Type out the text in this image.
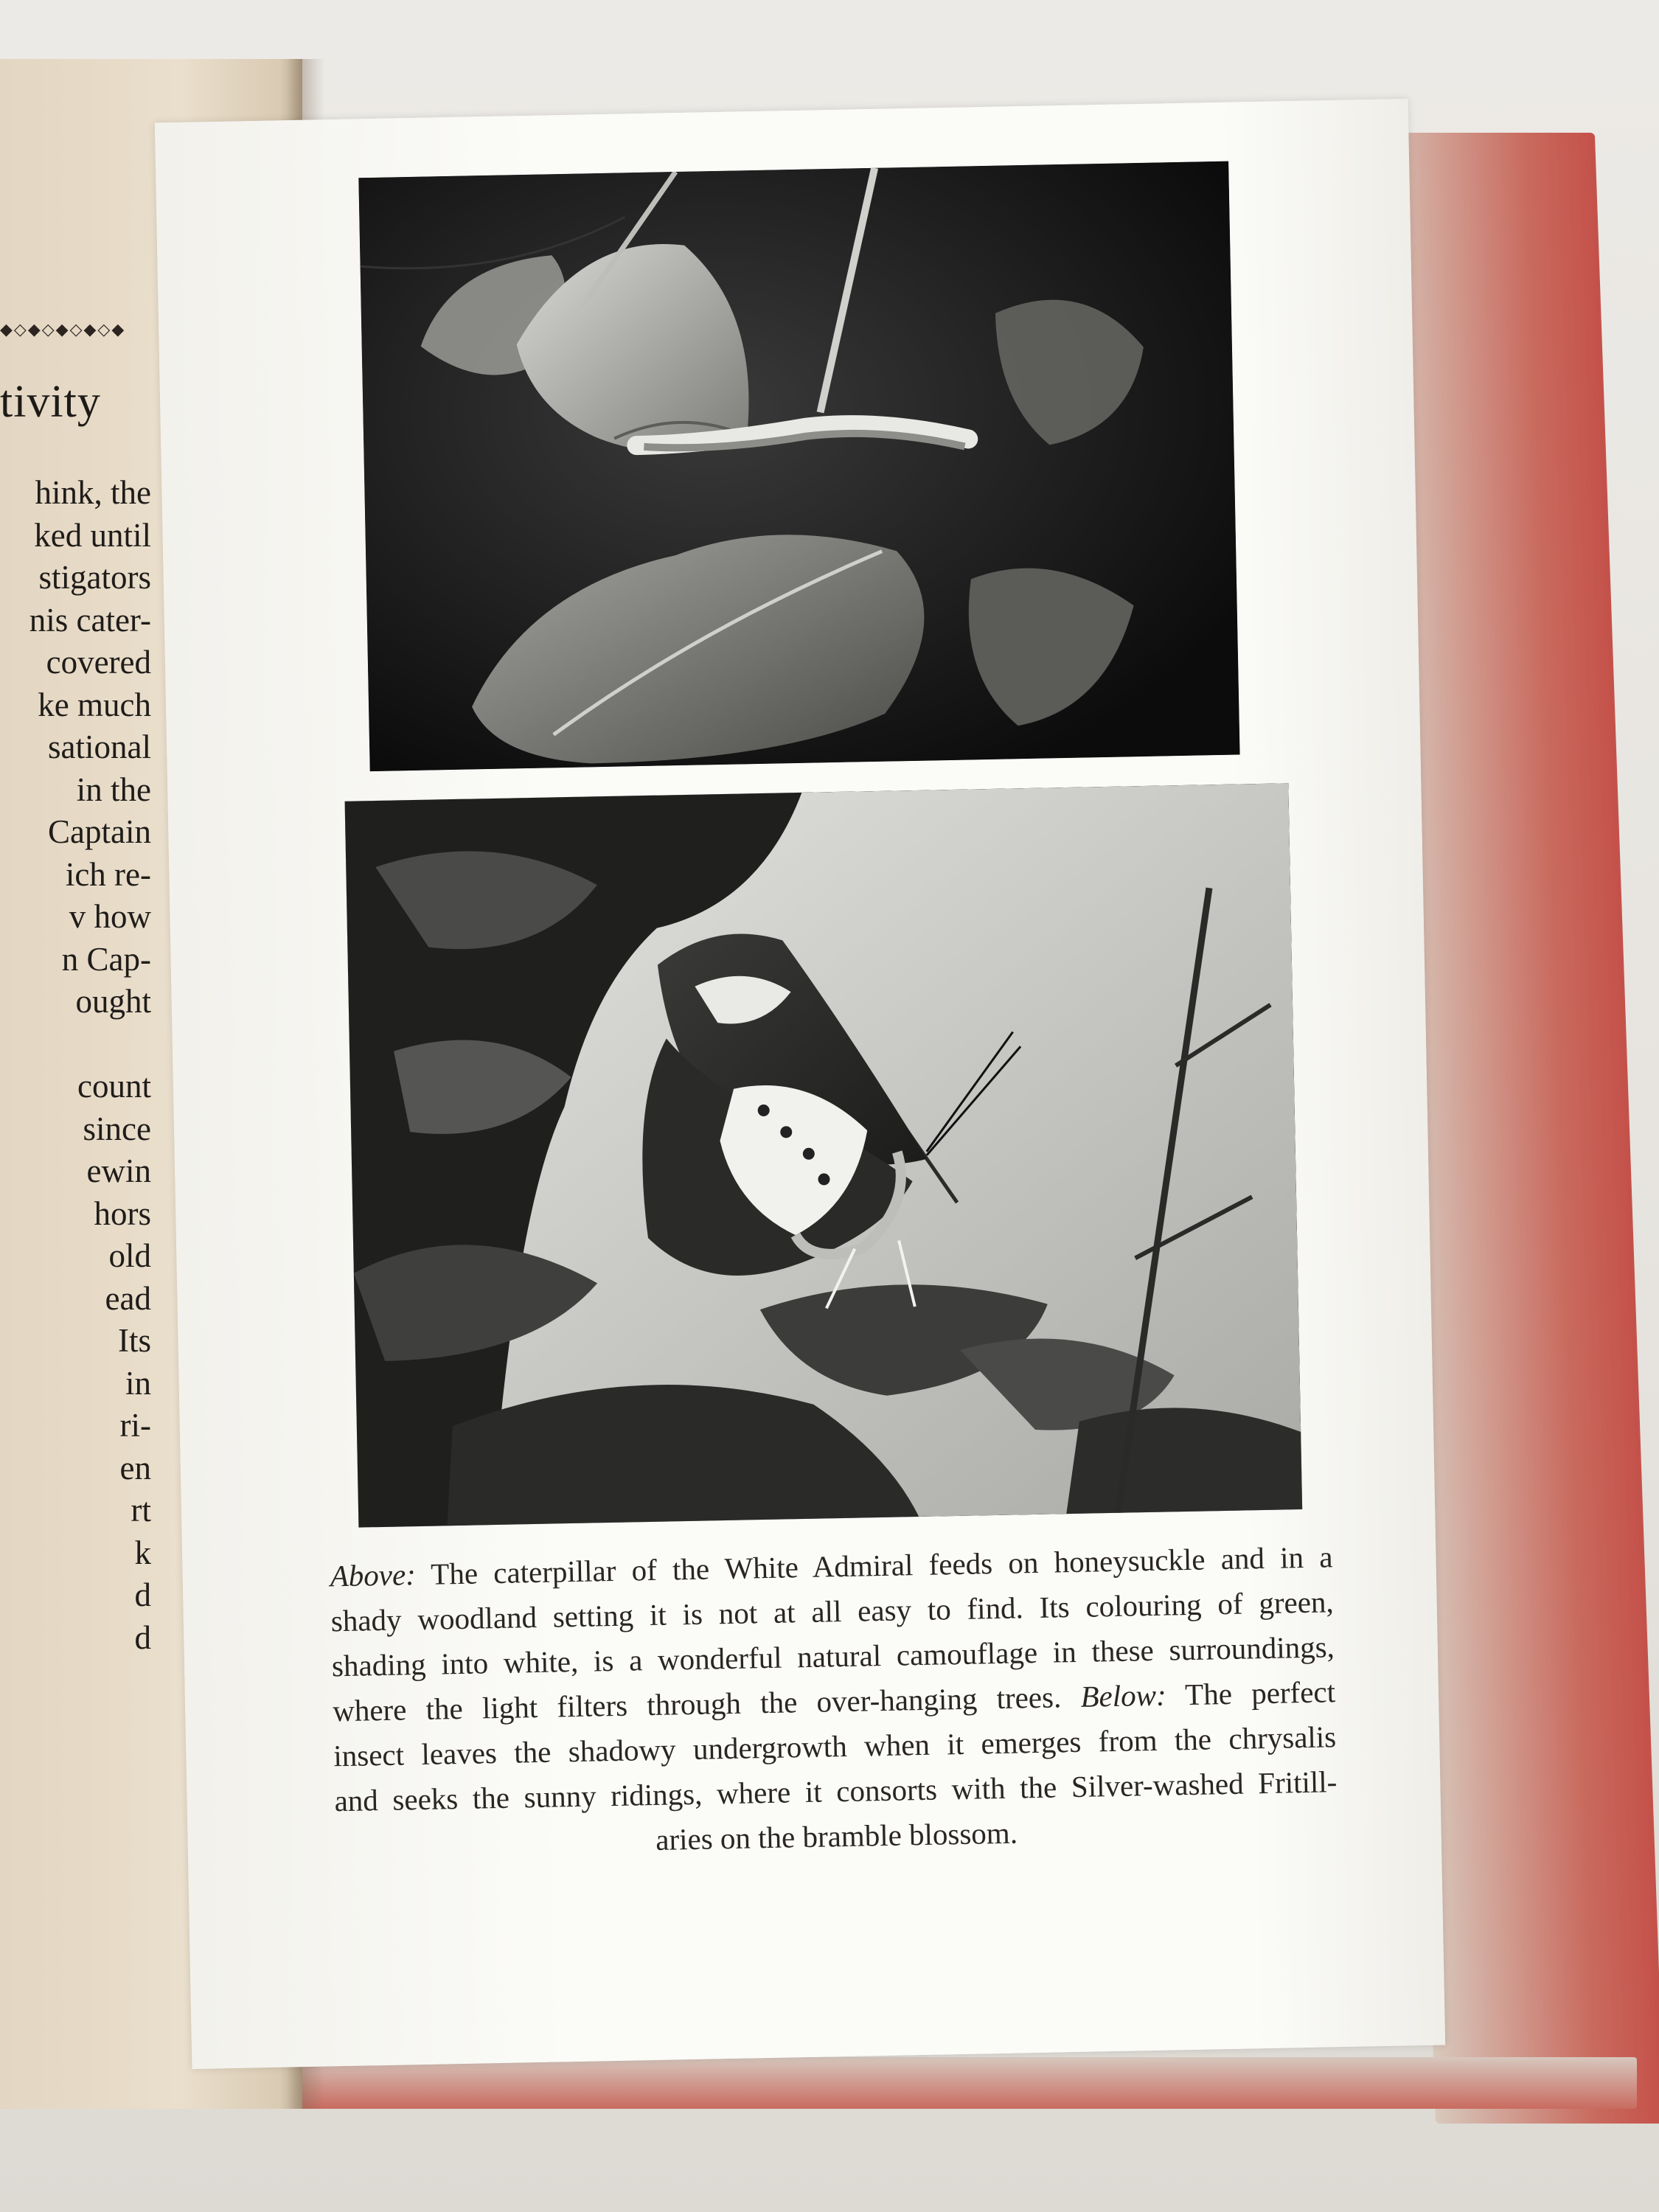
◆◇◆◇◆◇◆◇◆
tivity
hink, the
ked until
stigators
nis cater-
covered
ke much
sational
in the
Captain
ich re-
v how
n Cap-
ought

count
since
ewin
hors
old
ead
Its
in
ri-
en
rt
k
d
d
Above: The caterpillar of the White Admiral feeds on honeysuckle and in a
shady woodland setting it is not at all easy to find. Its colouring of green,
shading into white, is a wonderful natural camouflage in these surroundings,
where the light filters through the over-hanging trees. Below: The perfect
insect leaves the shadowy undergrowth when it emerges from the chrysalis
and seeks the sunny ridings, where it consorts with the Silver-washed Fritill-
aries on the bramble blossom.
